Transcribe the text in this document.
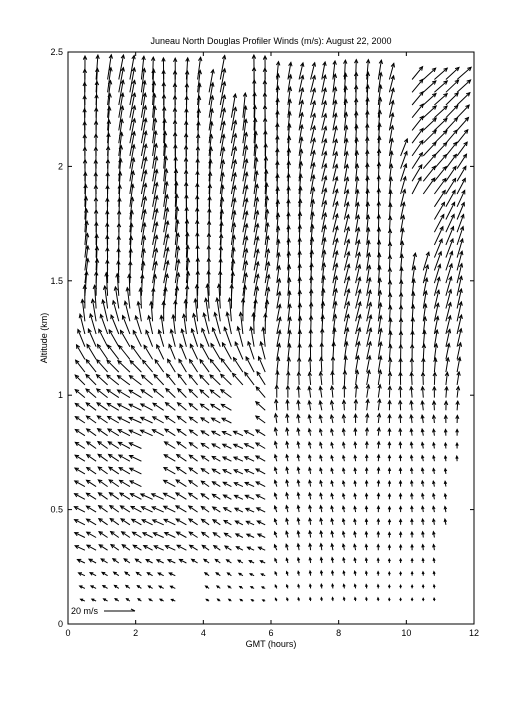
Juneau North Douglas Profiler Winds (m/s): August 22, 2000
0	2	4	6	8	10	12
0
0.5
1
1.5
2
2.5
GMT (hours)
Altitude (km)
20 m/s
